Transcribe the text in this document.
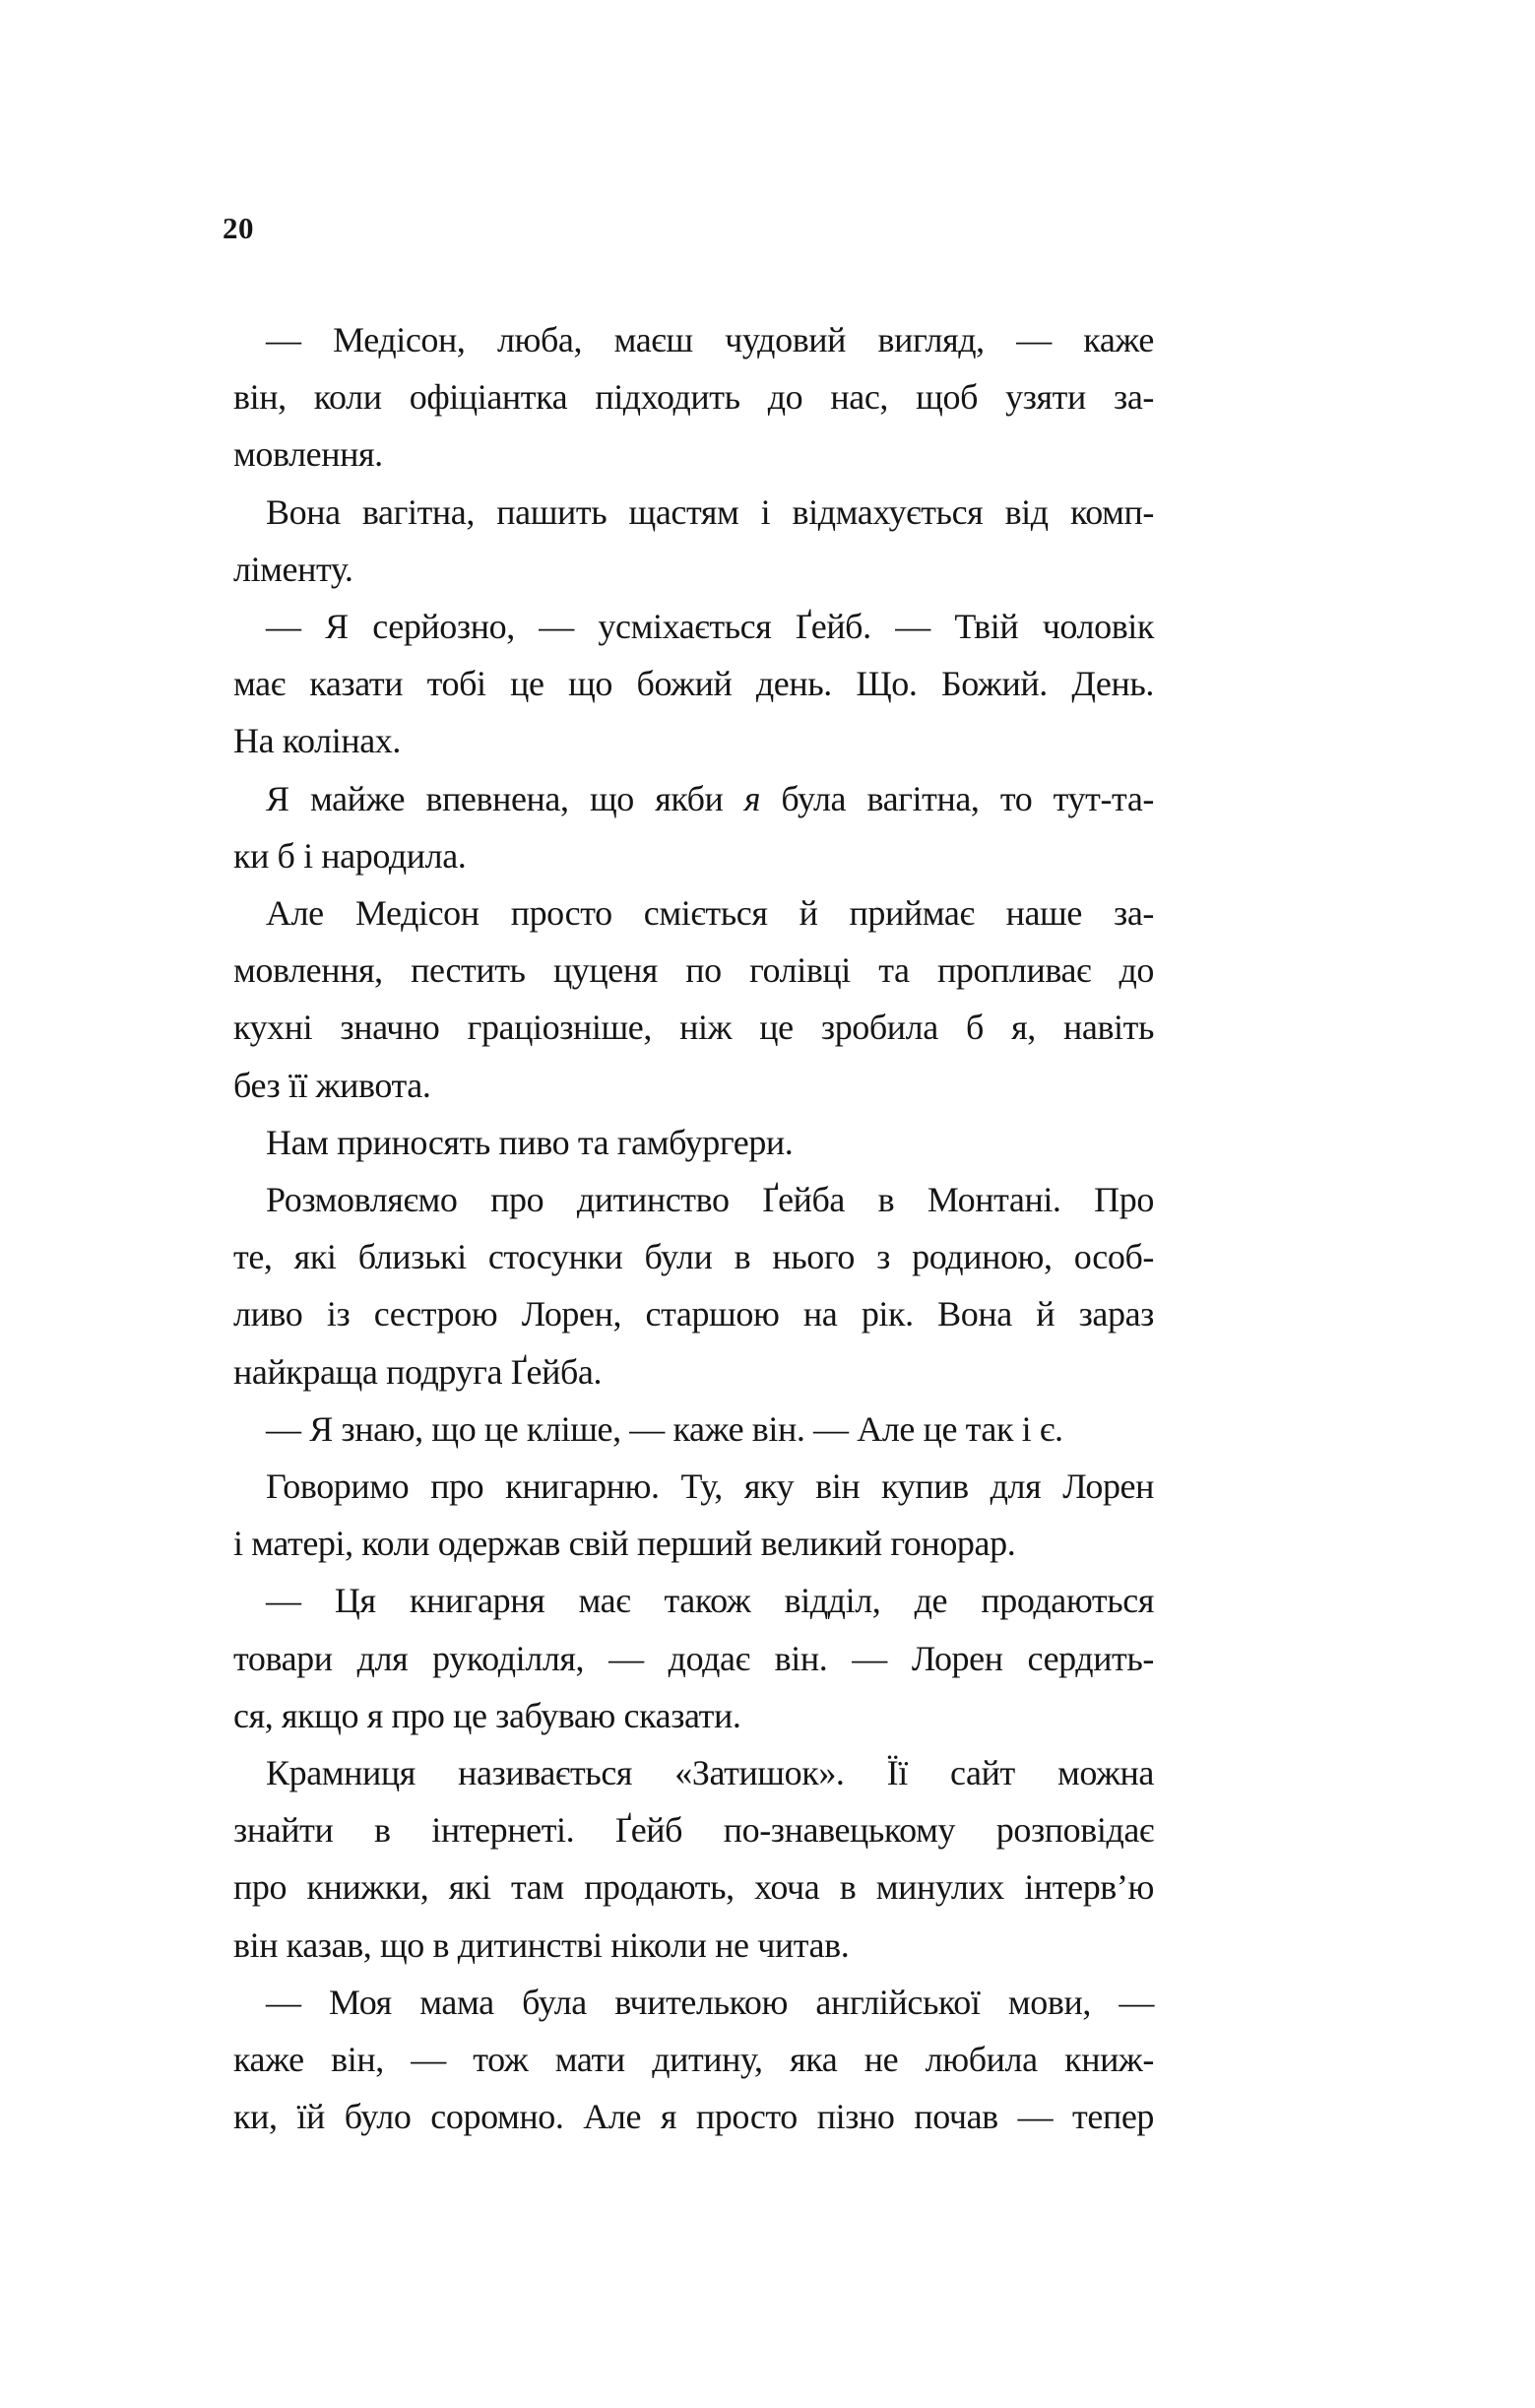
20
— Медісон, люба, маєш чудовий вигляд, — каже
він, коли офіціантка підходить до нас, щоб узяти за-
мовлення.
Вона вагітна, пашить щастям і відмахується від комп-
ліменту.
— Я серйозно, — усміхається Ґейб. — Твій чоловік
має казати тобі це що божий день. Що. Божий. День.
На колінах.
Я майже впевнена, що якби я була вагітна, то тут-та-
ки б і народила.
Але Медісон просто сміється й приймає наше за-
мовлення, пестить цуценя по голівці та пропливає до
кухні значно граціозніше, ніж це зробила б я, навіть
без її живота.
Нам приносять пиво та гамбургери.
Розмовляємо про дитинство Ґейба в Монтані. Про
те, які близькі стосунки були в нього з родиною, особ-
ливо із сестрою Лорен, старшою на рік. Вона й зараз
найкраща подруга Ґейба.
— Я знаю, що це кліше, — каже він. — Але це так і є.
Говоримо про книгарню. Ту, яку він купив для Лорен
і матері, коли одержав свій перший великий гонорар.
— Ця книгарня має також відділ, де продаються
товари для рукоділля, — додає він. — Лорен сердить-
ся, якщо я про це забуваю сказати.
Крамниця називається «Затишок». Її сайт можна
знайти в інтернеті. Ґейб по-знавецькому розповідає
про книжки, які там продають, хоча в минулих інтерв’ю
він казав, що в дитинстві ніколи не читав.
— Моя мама була вчителькою англійської мови, —
каже він, — тож мати дитину, яка не любила книж-
ки, їй було соромно. Але я просто пізно почав — тепер
